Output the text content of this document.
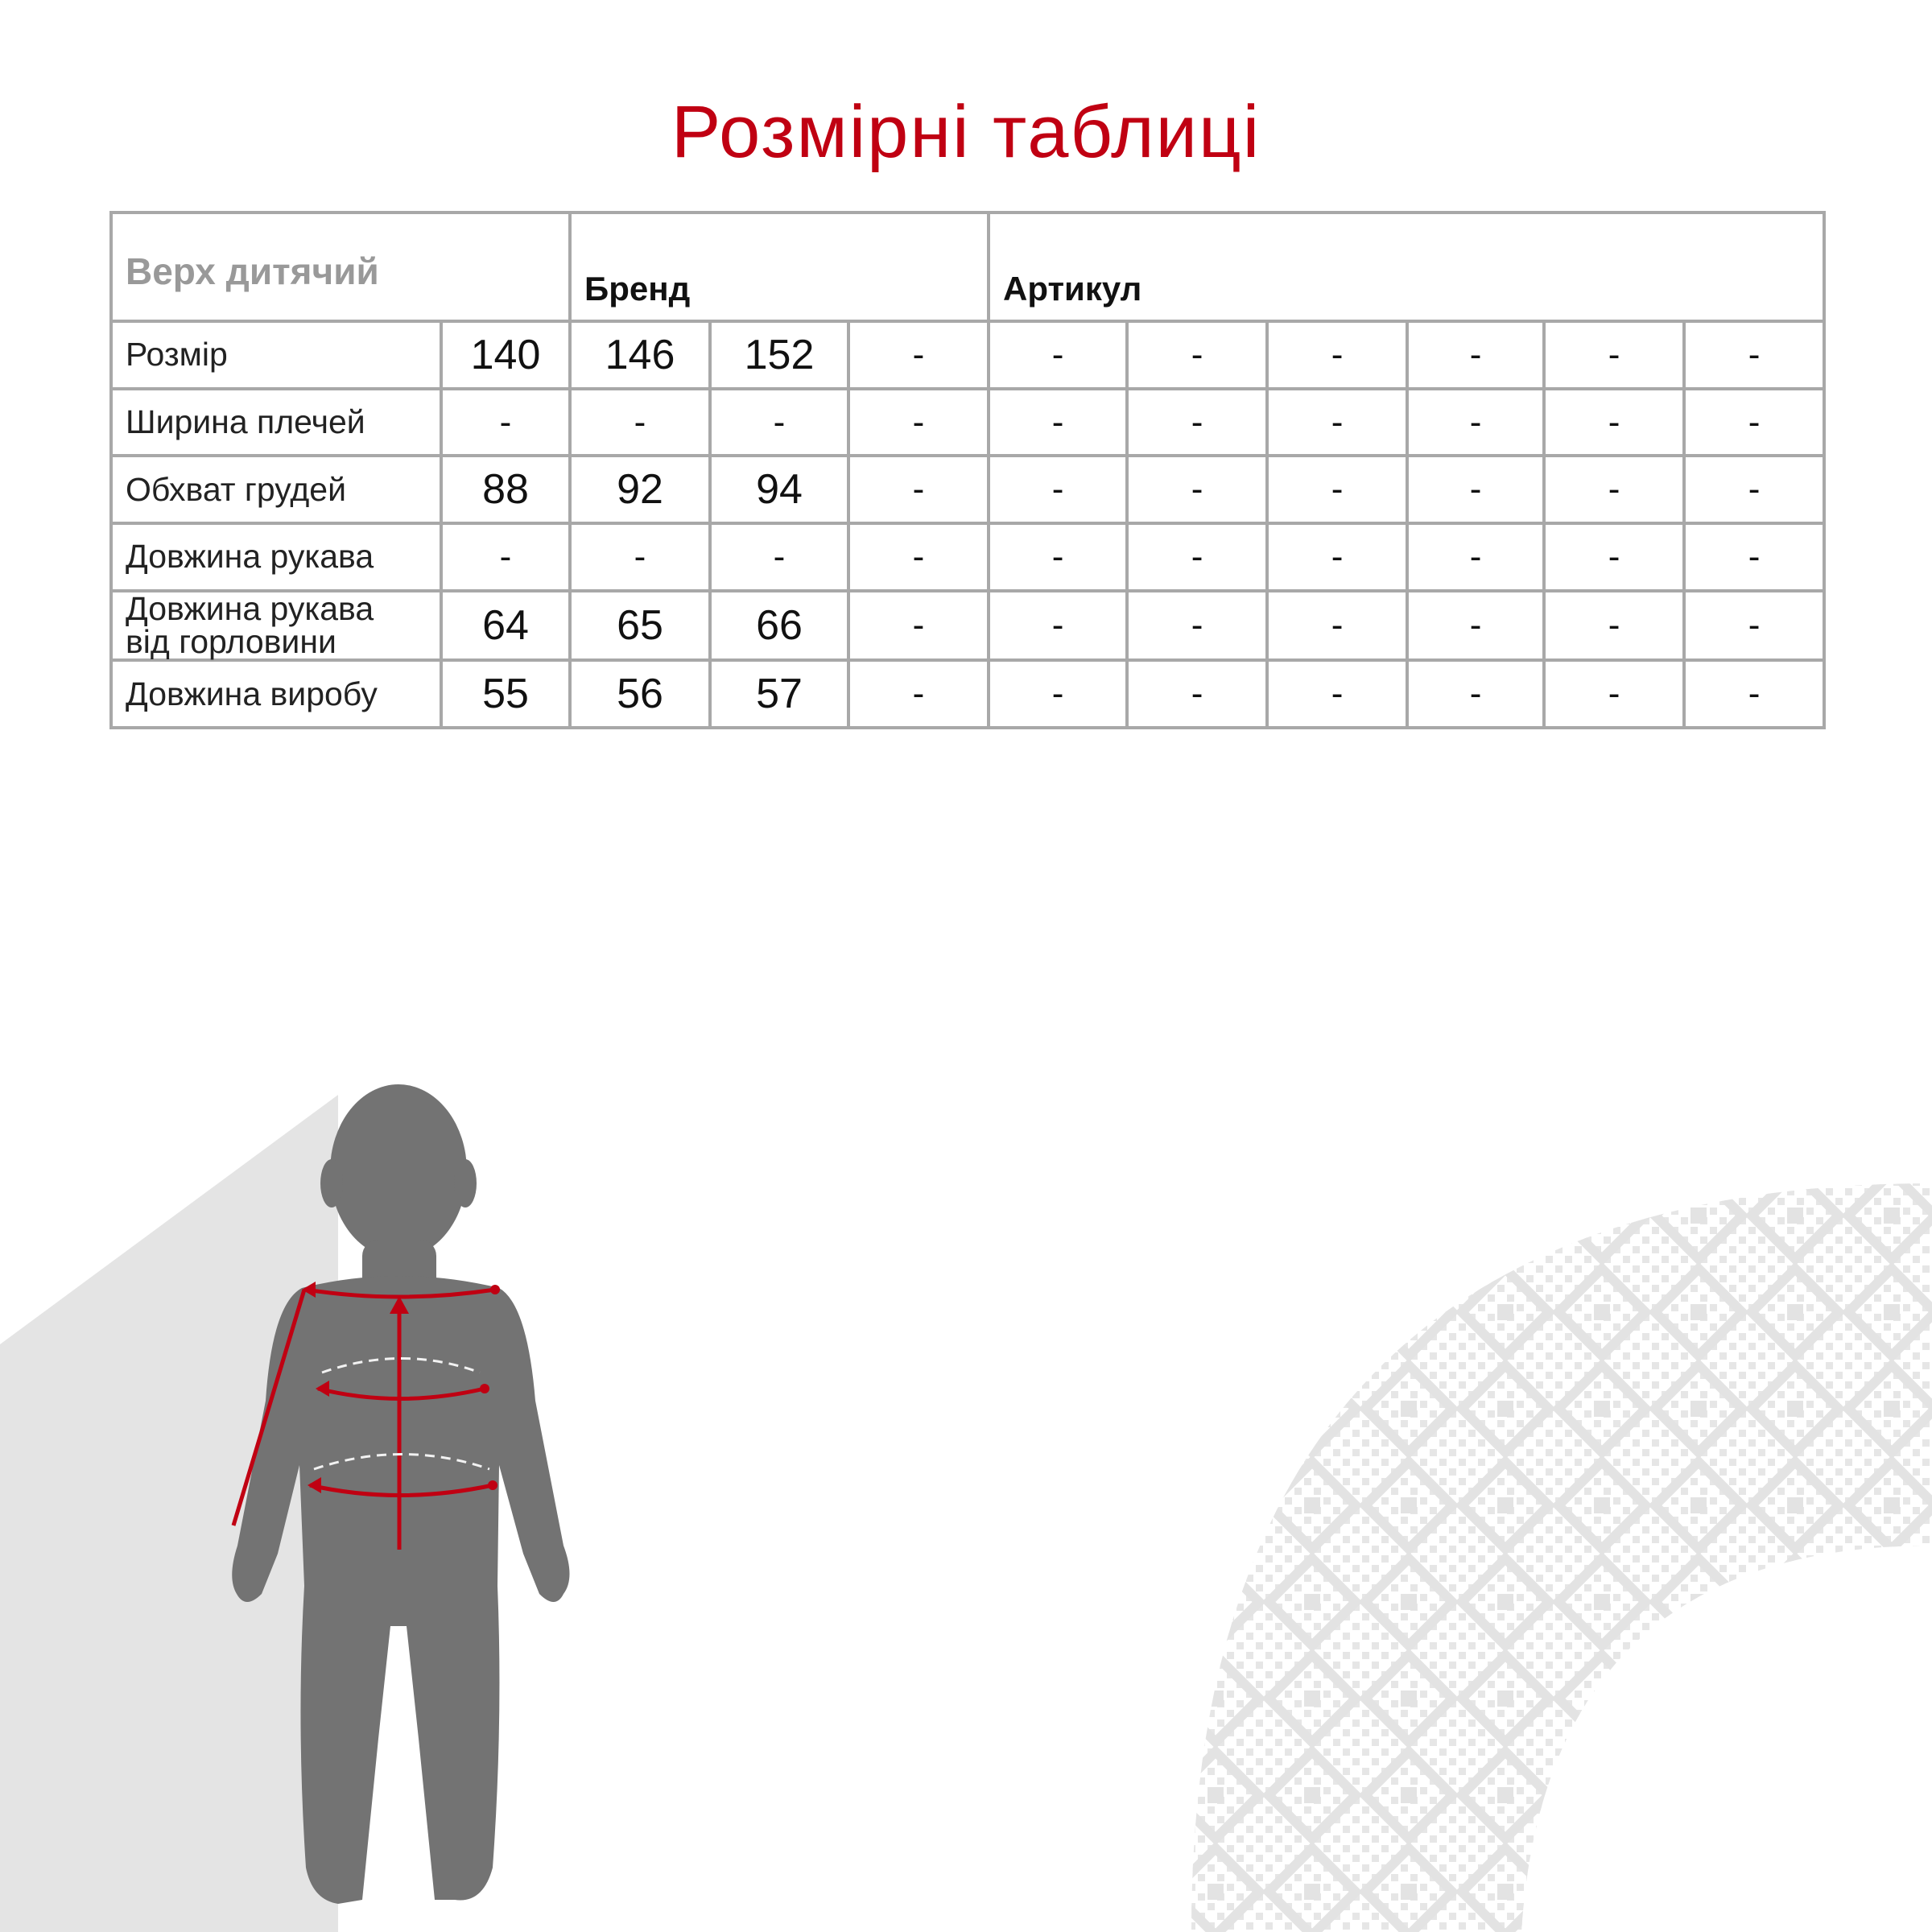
Розмірні таблиці
Верх дитячий		Бренд			Артикул					
Розмір	140	146	152	-	-	-	-	-	-	-
Ширина плечей	-	-	-	-	-	-	-	-	-	-
Обхват грудей	88	92	94	-	-	-	-	-	-	-
Довжина рукава	-	-	-	-	-	-	-	-	-	-

Довжина рукава
від горловини	64	65	66	-	-	-	-	-	-	-
Довжина виробу	55	56	57	-	-	-	-	-	-	-
